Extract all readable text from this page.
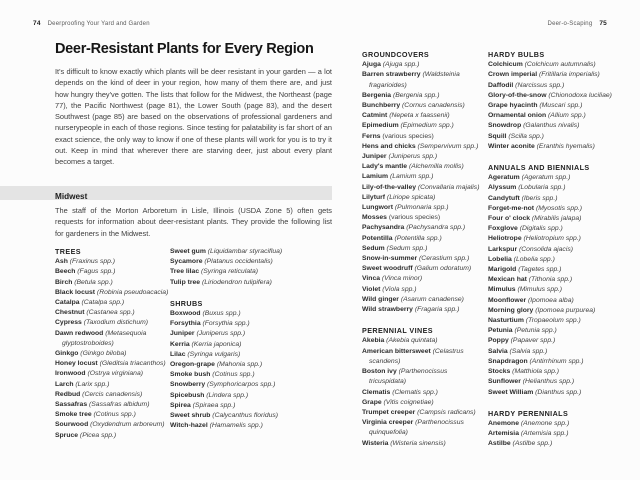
74 Deerproofing Your Yard and Garden	Deer-o-Scaping 75
Deer-Resistant Plants for Every Region

It's difficult to know exactly which plants will be deer resistant in your garden — a lot depends on the kind of deer in your region, how many of them there are, and just how hungry they've gotten. The lists that follow for the Midwest, the Northeast (page 77), the Pacific Northwest (page 81), the Lower South (page 83), and the desert Southwest (page 85) are based on the observations of professional gardeners and nurserypeople in each of those regions. Since testing for palatability is far short of an exact science, the only way to know if one of these plants will work for you is to try it out. Keep in mind that wherever there are starving deer, just about every plant becomes a target.

Midwest

The staff of the Morton Arboretum in Lisle, Illinois (USDA Zone 5) often gets requests for information about deer-resistant plants. They provide the following list for gardeners in the Midwest.

TREES
Ash (Fraxinus spp.)
Beech (Fagus spp.)
Birch (Betula spp.)
Black locust (Robinia pseudoacacia)
Catalpa (Catalpa spp.)
Chestnut (Castanea spp.)
Cypress (Taxodium distichum)
Dawn redwood (Metasequoia glyptostroboides)
Ginkgo (Ginkgo biloba)
Honey locust (Gleditsia triacanthos)
Ironwood (Ostrya virginiana)
Larch (Larix spp.)
Redbud (Cercis canadensis)
Sassafras (Sassafras albidum)
Smoke tree (Cotinus spp.)
Sourwood (Oxydendrum arboreum)
Spruce (Picea spp.)
Sweet gum (Liquidambar styraciflua)
Sycamore (Platanus occidentalis)
Tree lilac (Syringa reticulata)
Tulip tree (Liriodendron tulipifera)
SHRUBS
Boxwood (Buxus spp.)
Forsythia (Forsythia spp.)
Juniper (Juniperus spp.)
Kerria (Kerria japonica)
Lilac (Syringa vulgaris)
Oregon-grape (Mahonia spp.)
Smoke bush (Cotinus spp.)
Snowberry (Symphoricarpos spp.)
Spicebush (Lindera spp.)
Spirea (Spiraea spp.)
Sweet shrub (Calycanthus floridus)
Witch-hazel (Hamamelis spp.)
GROUNDCOVERS
Ajuga (Ajuga spp.)
Barren strawberry (Waldsteinia fragarioides)
Bergenia (Bergenia spp.)
Bunchberry (Cornus canadensis)
Catmint (Nepeta x faassenii)
Epimedium (Epimedium spp.)
Ferns (various species)
Hens and chicks (Sempervivum spp.)
Juniper (Juniperus spp.)
Lady's mantle (Alchemilla mollis)
Lamium (Lamium spp.)
Lily-of-the-valley (Convallaria majalis)
Lilyturf (Liriope spicata)
Lungwort (Pulmonaria spp.)
Mosses (various species)
Pachysandra (Pachysandra spp.)
Potentilla (Potentilla spp.)
Sedum (Sedum spp.)
Snow-in-summer (Cerastium spp.)
Sweet woodruff (Galium odoratum)
Vinca (Vinca minor)
Violet (Viola spp.)
Wild ginger (Asarum canadense)
Wild strawberry (Fragaria spp.)
PERENNIAL VINES
Akebia (Akebia quintata)
American bittersweet (Celastrus scandens)
Boston ivy (Parthenocissus tricuspidata)
Clematis (Clematis spp.)
Grape (Vitis coignetiae)
Trumpet creeper (Campsis radicans)
Virginia creeper (Parthenocissus quinquefolia)
Wisteria (Wisteria sinensis)
HARDY BULBS
Colchicum (Colchicum autumnalis)
Crown imperial (Fritillaria imperialis)
Daffodil (Narcissus spp.)
Glory-of-the-snow (Chionodoxa luciliae)
Grape hyacinth (Muscari spp.)
Ornamental onion (Allium spp.)
Snowdrop (Galanthus nivalis)
Squill (Scilla spp.)
Winter aconite (Eranthis hyemalis)
ANNUALS AND BIENNIALS
Ageratum (Ageratum spp.)
Alyssum (Lobularia spp.)
Candytuft (Iberis spp.)
Forget-me-not (Myosotis spp.)
Four o' clock (Mirabilis jalapa)
Foxglove (Digitalis spp.)
Heliotrope (Heliotropium spp.)
Larkspur (Consolida ajacis)
Lobelia (Lobelia spp.)
Marigold (Tagetes spp.)
Mexican hat (Tithonia spp.)
Mimulus (Mimulus spp.)
Moonflower (Ipomoea alba)
Morning glory (Ipomoea purpurea)
Nasturtium (Tropaeolum spp.)
Petunia (Petunia spp.)
Poppy (Papaver spp.)
Salvia (Salvia spp.)
Snapdragon (Antirrhinum spp.)
Stocks (Matthiola spp.)
Sunflower (Helianthus spp.)
Sweet William (Dianthus spp.)
HARDY PERENNIALS
Anemone (Anemone spp.)
Artemisia (Artemisia spp.)
Astilbe (Astilbe spp.)
